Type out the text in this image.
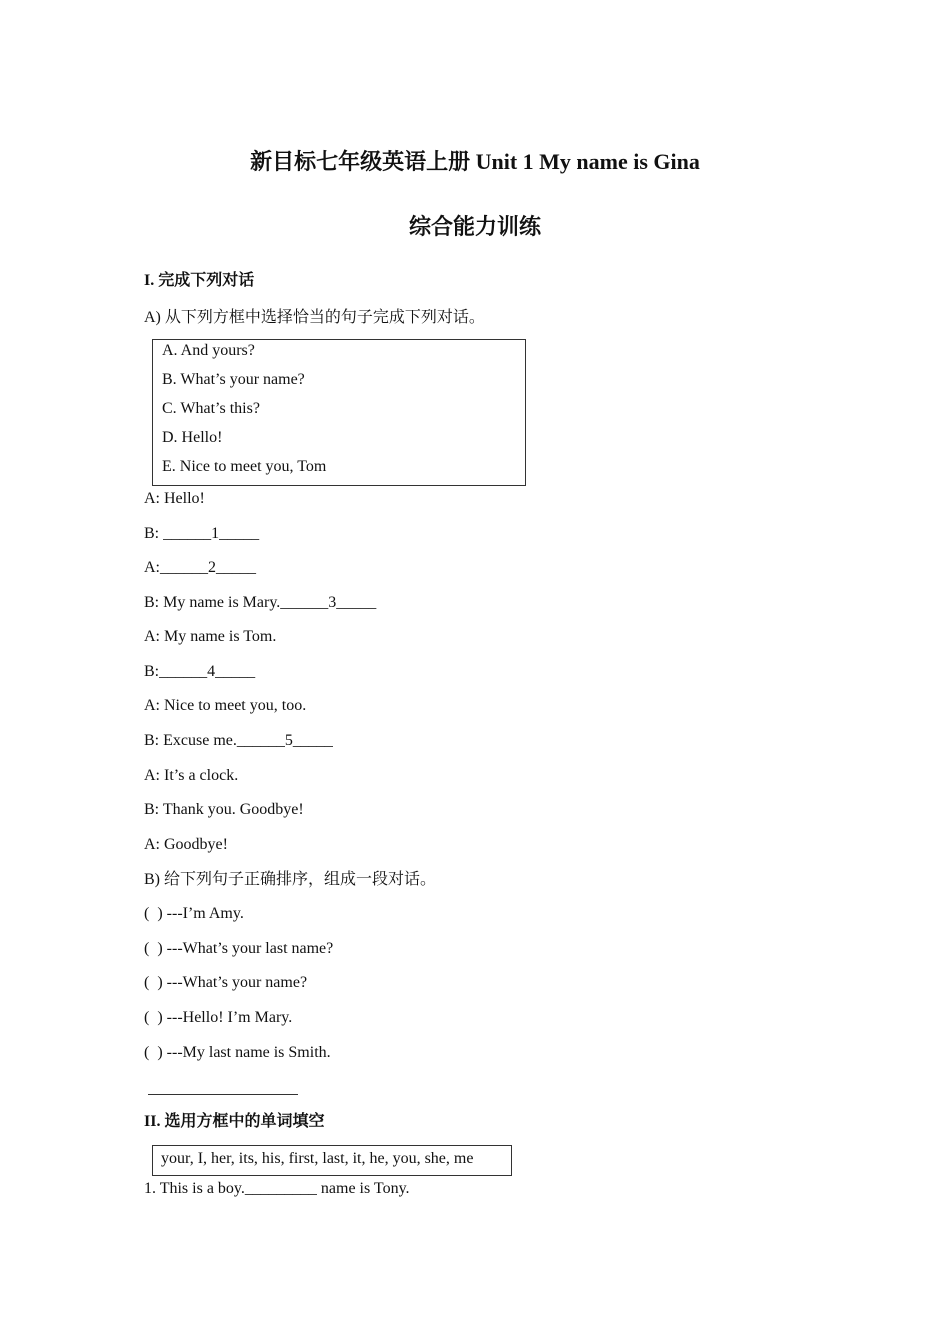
新目标七年级英语上册 Unit 1 My name is Gina
综合能力训练
I. 完成下列对话
A) 从下列方框中选择恰当的句子完成下列对话。
A. And yours?
B. What’s your name?
C. What’s this?
D. Hello!
E. Nice to meet you, Tom
A: Hello!
B: ______1_____
A:______2_____
B: My name is Mary.______3_____
A: My name is Tom.
B:______4_____
A: Nice to meet you, too.
B: Excuse me.______5_____
A: It’s a clock.
B: Thank you. Goodbye!
A: Goodbye!
B) 给下列句子正确排序，组成一段对话。
(  ) ---I’m Amy.
(  ) ---What’s your last name?
(  ) ---What’s your name?
(  ) ---Hello! I’m Mary.
(  ) ---My last name is Smith.
II. 选用方框中的单词填空
your, I, her, its, his, first, last, it, he, you, she, me
1. This is a boy._________ name is Tony.
